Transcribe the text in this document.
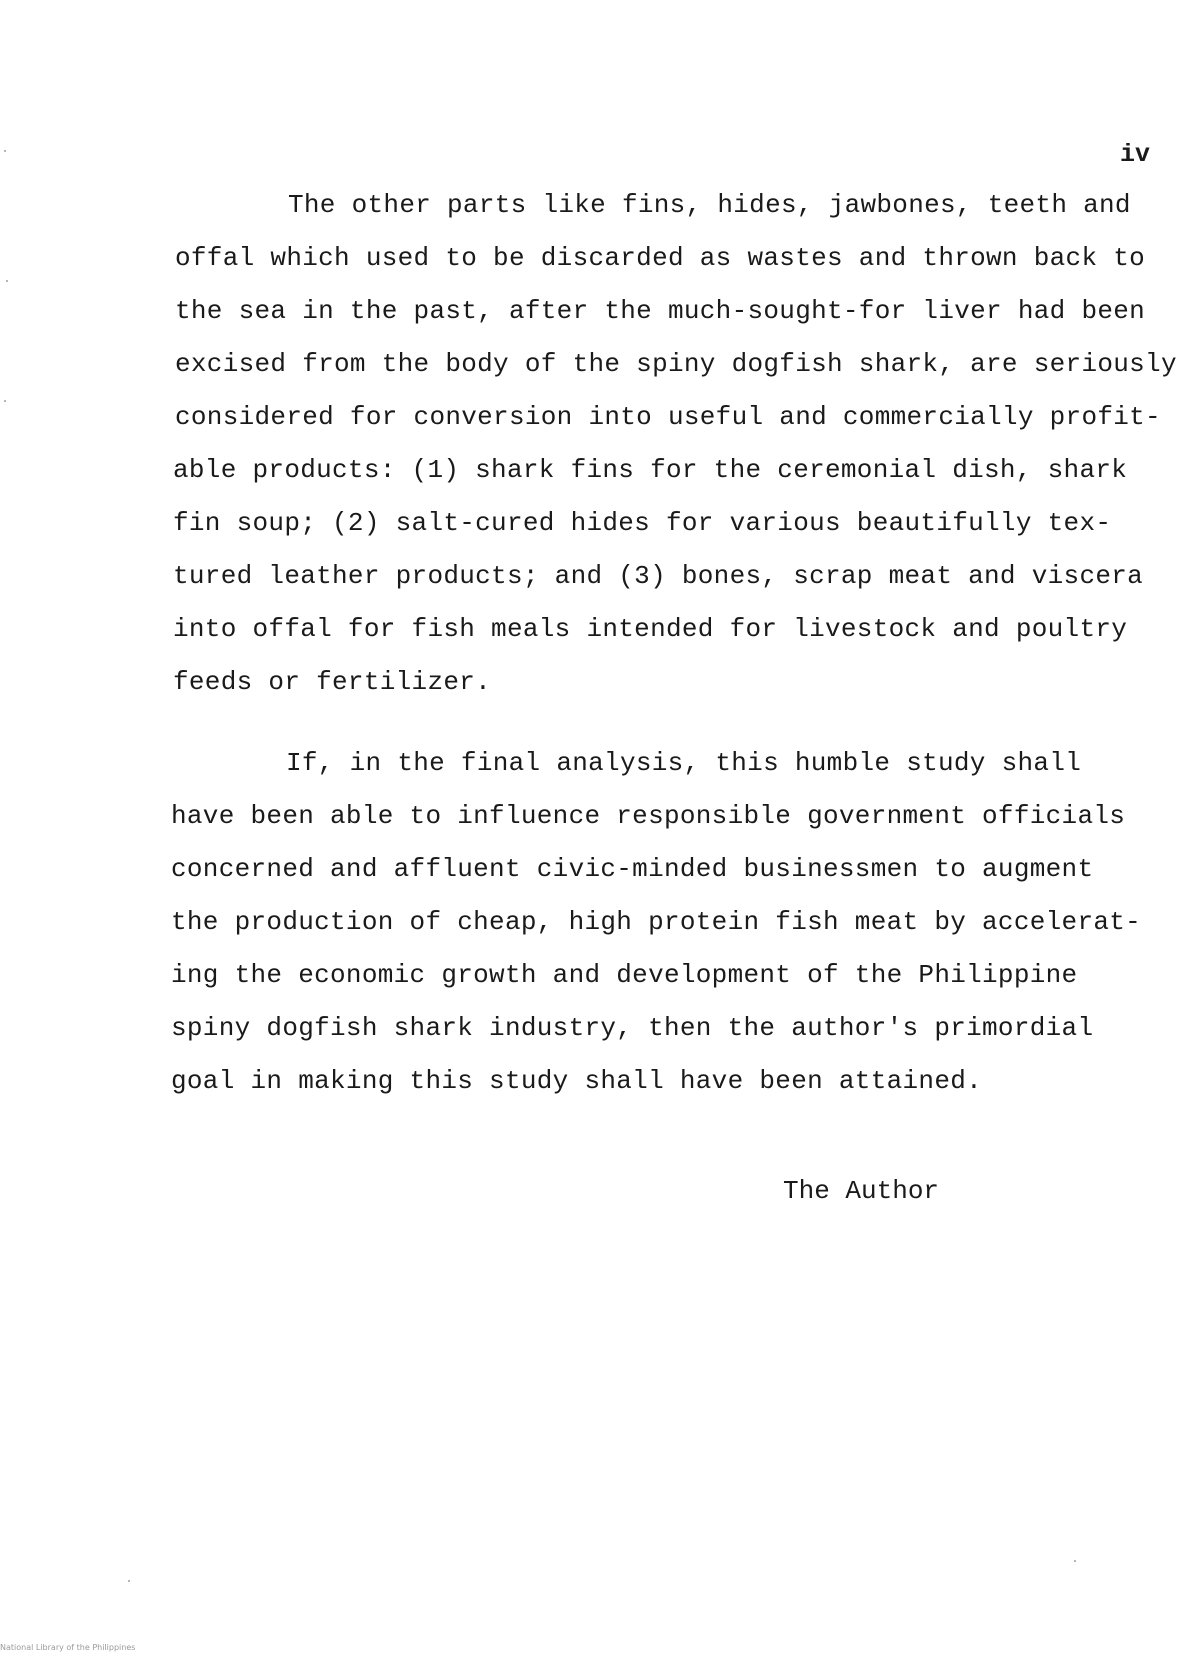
iv
The other parts like fins, hides, jawbones, teeth and
offal which used to be discarded as wastes and thrown back to
the sea in the past, after the much-sought-for liver had been
excised from the body of the spiny dogfish shark, are seriously
considered for conversion into useful and commercially profit-
able products: (1) shark fins for the ceremonial dish, shark
fin soup; (2) salt-cured hides for various beautifully tex-
tured leather products; and (3) bones, scrap meat and viscera
into offal for fish meals intended for livestock and poultry
feeds or fertilizer.
If, in the final analysis, this humble study shall
have been able to influence responsible government officials
concerned and affluent civic-minded businessmen to augment
the production of cheap, high protein fish meat by accelerat-
ing the economic growth and development of the Philippine
spiny dogfish shark industry, then the author's primordial
goal in making this study shall have been attained.
The Author
National Library of the Philippines
